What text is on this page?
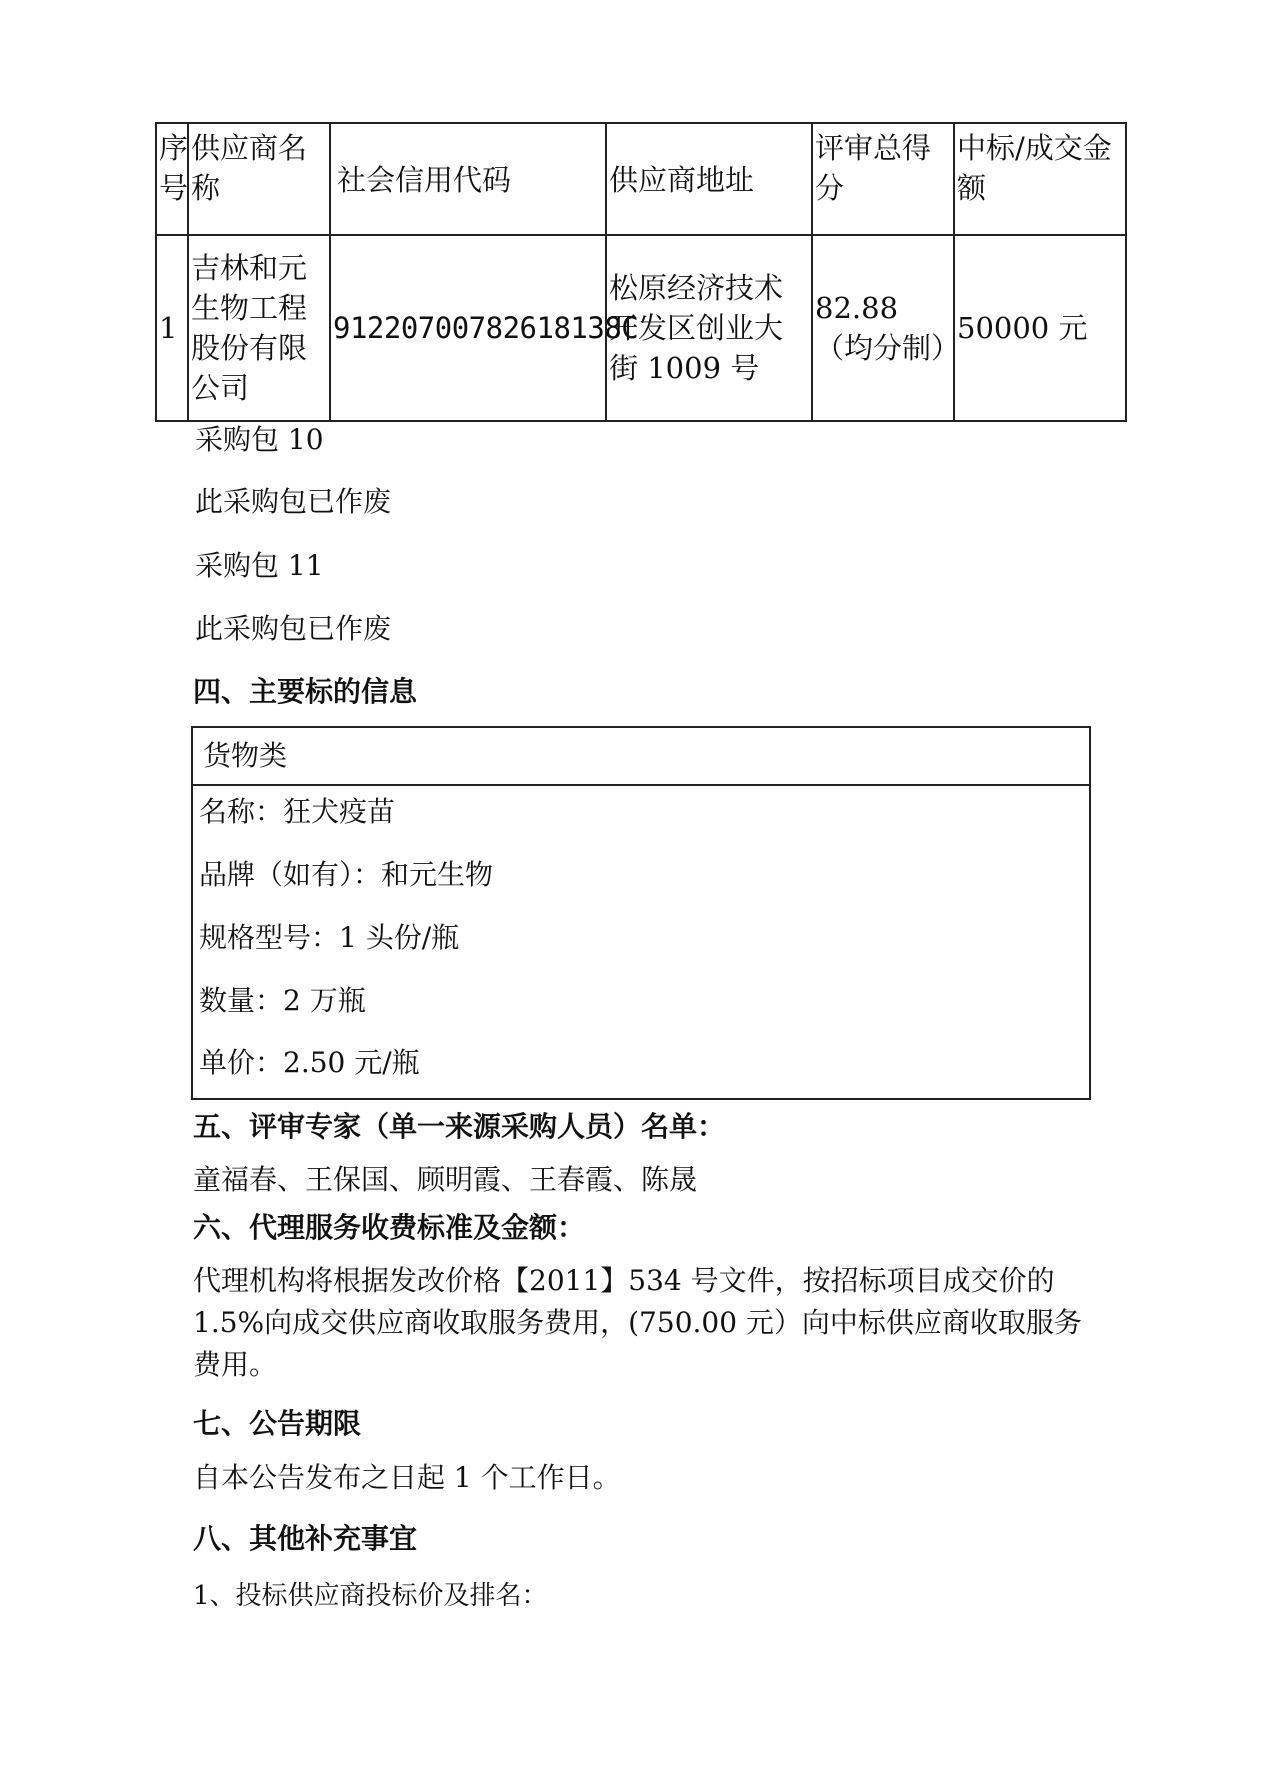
序号	供应商名称	社会信用代码	供应商地址	评审总得分	中标/成交金额
1	吉林和元生物工程股份有限公司	91220700782618138C	松原经济技术开发区创业大街 1009 号	82.88（均分制）	50000 元
采购包 10
此采购包已作废
采购包 11
此采购包已作废
四、主要标的信息
货物类
名称：狂犬疫苗
品牌（如有）：和元生物
规格型号：1 头份/瓶
数量：2 万瓶
单价：2.50 元/瓶
五、评审专家（单一来源采购人员）名单：
童福春、王保国、顾明霞、王春霞、陈晟
六、代理服务收费标准及金额：
代理机构将根据发改价格【2011】534 号文件，按招标项目成交价的 1.5%向成交供应商收取服务费用，(750.00 元）向中标供应商收取服务费用。
七、公告期限
自本公告发布之日起 1 个工作日。
八、其他补充事宜
1、投标供应商投标价及排名：
